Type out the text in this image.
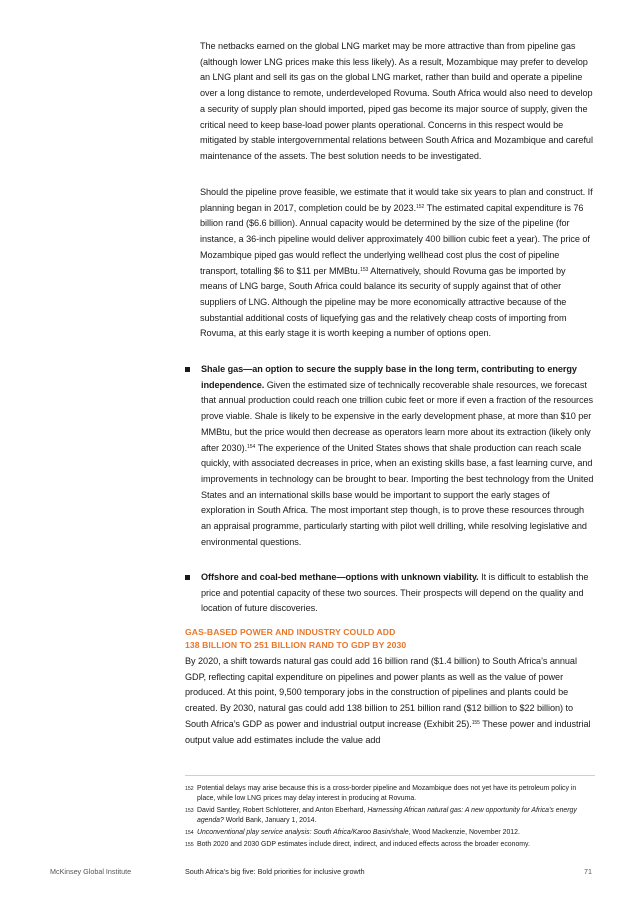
The netbacks earned on the global LNG market may be more attractive than from pipeline gas (although lower LNG prices make this less likely). As a result, Mozambique may prefer to develop an LNG plant and sell its gas on the global LNG market, rather than build and operate a pipeline over a long distance to remote, underdeveloped Rovuma. South Africa would also need to develop a security of supply plan should imported, piped gas become its major source of supply, given the critical need to keep base-load power plants operational. Concerns in this respect would be mitigated by stable intergovernmental relations between South Africa and Mozambique and careful maintenance of the assets. The best solution needs to be investigated.

Should the pipeline prove feasible, we estimate that it would take six years to plan and construct. If planning began in 2017, completion could be by 2023.$^{152}$ The estimated capital expenditure is 76 billion rand ($6.6 billion). Annual capacity would be determined by the size of the pipeline (for instance, a 36-inch pipeline would deliver approximately 400 billion cubic feet a year). The price of Mozambique piped gas would reflect the underlying wellhead cost plus the cost of pipeline transport, totalling $6 to $11 per MMBtu.$^{153}$ Alternatively, should Rovuma gas be imported by means of LNG barge, South Africa could balance its security of supply against that of other suppliers of LNG. Although the pipeline may be more economically attractive because of the substantial additional costs of liquefying gas and the relatively cheap costs of importing from Rovuma, at this early stage it is worth keeping a number of options open.

Shale gas—an option to secure the supply base in the long term, contributing to energy independence. Given the estimated size of technically recoverable shale resources, we forecast that annual production could reach one trillion cubic feet or more if even a fraction of the resources prove viable. Shale is likely to be expensive in the early development phase, at more than $10 per MMBtu, but the price would then decrease as operators learn more about its extraction (likely only after 2030).$^{154}$ The experience of the United States shows that shale production can reach scale quickly, with associated decreases in price, when an existing skills base, a fast learning curve, and improvements in technology can be brought to bear. Importing the best technology from the United States and an international skills base would be important to support the early stages of exploration in South Africa. The most important step though, is to prove these resources through an appraisal programme, particularly starting with pilot well drilling, while resolving legislative and environmental questions.

Offshore and coal-bed methane—options with unknown viability. It is difficult to establish the price and potential capacity of these two sources. Their prospects will depend on the quality and location of future discoveries.

GAS-BASED POWER AND INDUSTRY COULD ADD
138 BILLION TO 251 BILLION RAND TO GDP BY 2030

By 2020, a shift towards natural gas could add 16 billion rand ($1.4 billion) to South Africa’s annual GDP, reflecting capital expenditure on pipelines and power plants as well as the value of power produced. At this point, 9,500 temporary jobs in the construction of pipelines and plants could be created. By 2030, natural gas could add 138 billion to 251 billion rand ($12 billion to $22 billion) to South Africa’s GDP as power and industrial output increase (Exhibit 25).$^{155}$ These power and industrial output value add estimates include the value add

152 Potential delays may arise because this is a cross-border pipeline and Mozambique does not yet have its petroleum policy in place, while low LNG prices may delay interest in producing at Rovuma.
153 David Santley, Robert Schlotterer, and Anton Eberhard, Harnessing African natural gas: A new opportunity for Africa’s energy agenda? World Bank, January 1, 2014.
154 Unconventional play service analysis: South Africa/Karoo Basin/shale, Wood Mackenzie, November 2012.
155 Both 2020 and 2030 GDP estimates include direct, indirect, and induced effects across the broader economy.
McKinsey Global Institute	South Africa’s big five: Bold priorities for inclusive growth	71
